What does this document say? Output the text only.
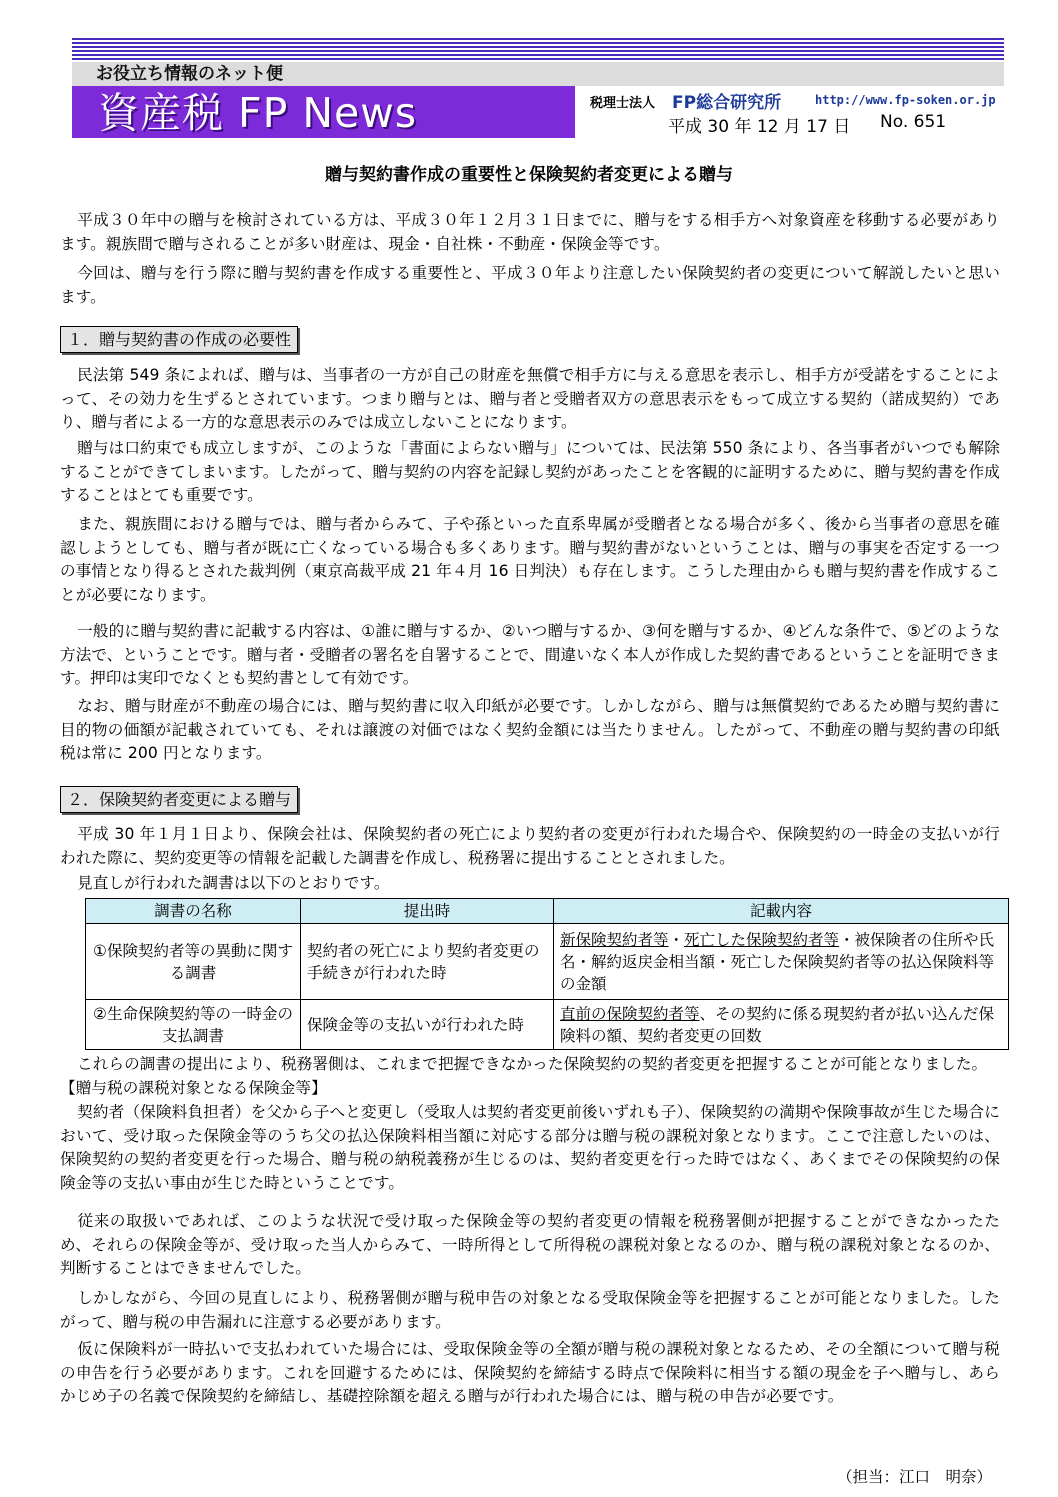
お役立ち情報のネット便
資産税 FP News	税理士法人 FP総合研究所	http://www.fp-soken.or.jp
平成 30 年 12 月 17 日 No. 651
贈与契約書作成の重要性と保険契約者変更による贈与
平成３０年中の贈与を検討されている方は、平成３０年１２月３１日までに、贈与をする相手方へ対象資産を移動する必要があります。親族間で贈与されることが多い財産は、現金・自社株・不動産・保険金等です。
今回は、贈与を行う際に贈与契約書を作成する重要性と、平成３０年より注意したい保険契約者の変更について解説したいと思います。
１．贈与契約書の作成の必要性
民法第 549 条によれば、贈与は、当事者の一方が自己の財産を無償で相手方に与える意思を表示し、相手方が受諾をすることによって、その効力を生ずるとされています。つまり贈与とは、贈与者と受贈者双方の意思表示をもって成立する契約（諾成契約）であり、贈与者による一方的な意思表示のみでは成立しないことになります。
贈与は口約束でも成立しますが、このような「書面によらない贈与」については、民法第 550 条により、各当事者がいつでも解除することができてしまいます。したがって、贈与契約の内容を記録し契約があったことを客観的に証明するために、贈与契約書を作成することはとても重要です。
また、親族間における贈与では、贈与者からみて、子や孫といった直系卑属が受贈者となる場合が多く、後から当事者の意思を確認しようとしても、贈与者が既に亡くなっている場合も多くあります。贈与契約書がないということは、贈与の事実を否定する一つの事情となり得るとされた裁判例（東京高裁平成 21 年４月 16 日判決）も存在します。こうした理由からも贈与契約書を作成することが必要になります。
一般的に贈与契約書に記載する内容は、①誰に贈与するか、②いつ贈与するか、③何を贈与するか、④どんな条件で、⑤どのような方法で、ということです。贈与者・受贈者の署名を自署することで、間違いなく本人が作成した契約書であるということを証明できます。押印は実印でなくとも契約書として有効です。
なお、贈与財産が不動産の場合には、贈与契約書に収入印紙が必要です。しかしながら、贈与は無償契約であるため贈与契約書に目的物の価額が記載されていても、それは譲渡の対価ではなく契約金額には当たりません。したがって、不動産の贈与契約書の印紙税は常に 200 円となります。
２．保険契約者変更による贈与
平成 30 年１月１日より、保険会社は、保険契約者の死亡により契約者の変更が行われた場合や、保険契約の一時金の支払いが行われた際に、契約変更等の情報を記載した調書を作成し、税務署に提出することとされました。
見直しが行われた調書は以下のとおりです。
調書の名称	提出時	記載内容
①保険契約者等の異動に関する調書	契約者の死亡により契約者変更の手続きが行われた時	新保険契約者等・死亡した保険契約者等・被保険者の住所や氏名・解約返戻金相当額・死亡した保険契約者等の払込保険料等の金額
②生命保険契約等の一時金の支払調書	保険金等の支払いが行われた時	直前の保険契約者等、その契約に係る現契約者が払い込んだ保険料の額、契約者変更の回数
これらの調書の提出により、税務署側は、これまで把握できなかった保険契約の契約者変更を把握することが可能となりました。
【贈与税の課税対象となる保険金等】
契約者（保険料負担者）を父から子へと変更し（受取人は契約者変更前後いずれも子）、保険契約の満期や保険事故が生じた場合において、受け取った保険金等のうち父の払込保険料相当額に対応する部分は贈与税の課税対象となります。ここで注意したいのは、保険契約の契約者変更を行った場合、贈与税の納税義務が生じるのは、契約者変更を行った時ではなく、あくまでその保険契約の保険金等の支払い事由が生じた時ということです。
従来の取扱いであれば、このような状況で受け取った保険金等の契約者変更の情報を税務署側が把握することができなかったため、それらの保険金等が、受け取った当人からみて、一時所得として所得税の課税対象となるのか、贈与税の課税対象となるのか、判断することはできませんでした。
しかしながら、今回の見直しにより、税務署側が贈与税申告の対象となる受取保険金等を把握することが可能となりました。したがって、贈与税の申告漏れに注意する必要があります。
仮に保険料が一時払いで支払われていた場合には、受取保険金等の全額が贈与税の課税対象となるため、その全額について贈与税の申告を行う必要があります。これを回避するためには、保険契約を締結する時点で保険料に相当する額の現金を子へ贈与し、あらかじめ子の名義で保険契約を締結し、基礎控除額を超える贈与が行われた場合には、贈与税の申告が必要です。
（担当：江口　明奈）
